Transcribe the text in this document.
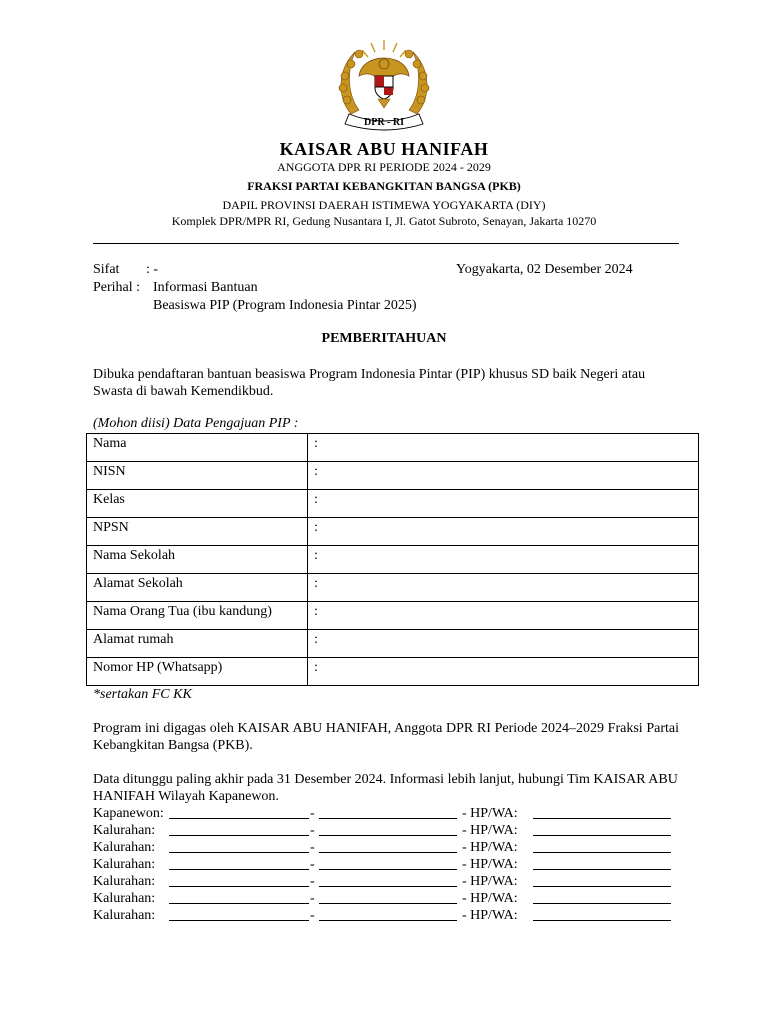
DPR - RI
KAISAR ABU HANIFAH
ANGGOTA DPR RI PERIODE 2024 - 2029
FRAKSI PARTAI KEBANGKITAN BANGSA (PKB)
DAPIL PROVINSI DAERAH ISTIMEWA YOGYAKARTA (DIY)
Komplek DPR/MPR RI, Gedung Nusantara I, Jl. Gatot Subroto, Senayan, Jakarta 10270
Sifat : -	Yogyakarta, 02 Desember 2024
Perihal : Informasi Bantuan
Beasiswa PIP (Program Indonesia Pintar 2025)
PEMBERITAHUAN
Dibuka pendaftaran bantuan beasiswa Program Indonesia Pintar (PIP) khusus SD baik Negeri atau Swasta di bawah Kemendikbud.
(Mohon diisi) Data Pengajuan PIP :
Nama	:
NISN	:
Kelas	:
NPSN	:
Nama Sekolah	:
Alamat Sekolah	:
Nama Orang Tua (ibu kandung)	:
Alamat rumah	:
Nomor HP (Whatsapp)	:
*sertakan FC KK
Program ini digagas oleh KAISAR ABU HANIFAH, Anggota DPR RI Periode 2024–2029 Fraksi Partai Kebangkitan Bangsa (PKB).
Data ditunggu paling akhir pada 31 Desember 2024. Informasi lebih lanjut, hubungi Tim KAISAR ABU HANIFAH Wilayah Kapanewon.
Kapanewon:	-	- HP/WA:
Kalurahan:	-	- HP/WA:
Kalurahan:	-	- HP/WA:
Kalurahan:	-	- HP/WA:
Kalurahan:	-	- HP/WA:
Kalurahan:	-	- HP/WA:
Kalurahan:	-	- HP/WA:
